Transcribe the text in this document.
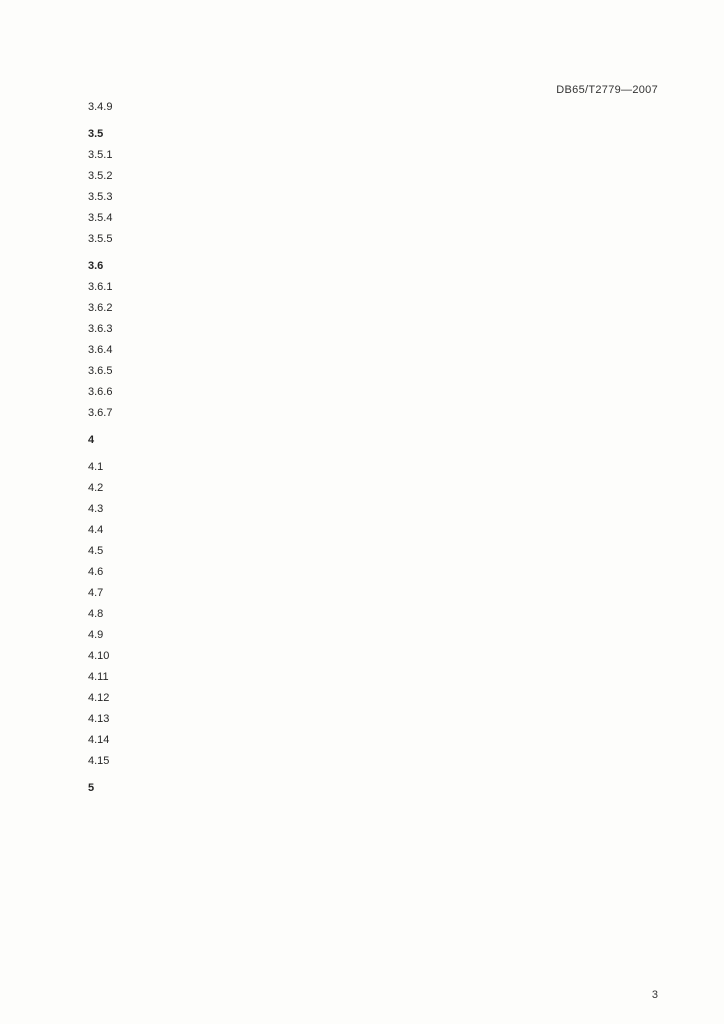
DB65/T2779—2007
3.4.9
3.5
3.5.1
3.5.2
3.5.3
3.5.4
3.5.5
3.6
3.6.1
3.6.2
3.6.3
3.6.4
3.6.5
3.6.6
3.6.7
4
4.1
4.2
4.3
4.4
4.5
4.6
4.7
4.8
4.9
4.10
4.11
4.12
4.13
4.14
4.15
5
3
